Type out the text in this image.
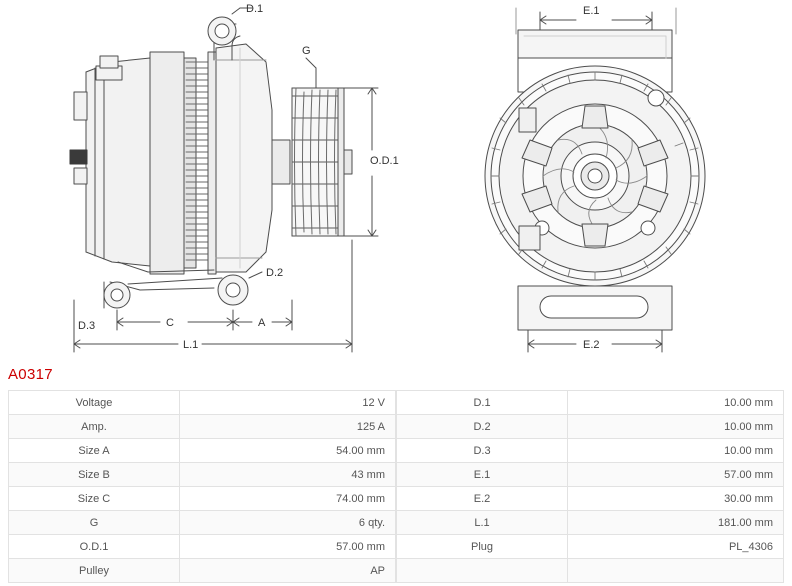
D.1
G
D.2
D.3
O.D.1
C	A
L.1
E.1
E.2
A0317
Voltage	12 V
Amp.	125 A
Size A	54.00 mm
Size B	43 mm
Size C	74.00 mm
G	6 qty.
O.D.1	57.00 mm
Pulley	AP
D.1	10.00 mm
D.2	10.00 mm
D.3	10.00 mm
E.1	57.00 mm
E.2	30.00 mm
L.1	181.00 mm
Plug	PL_4306
